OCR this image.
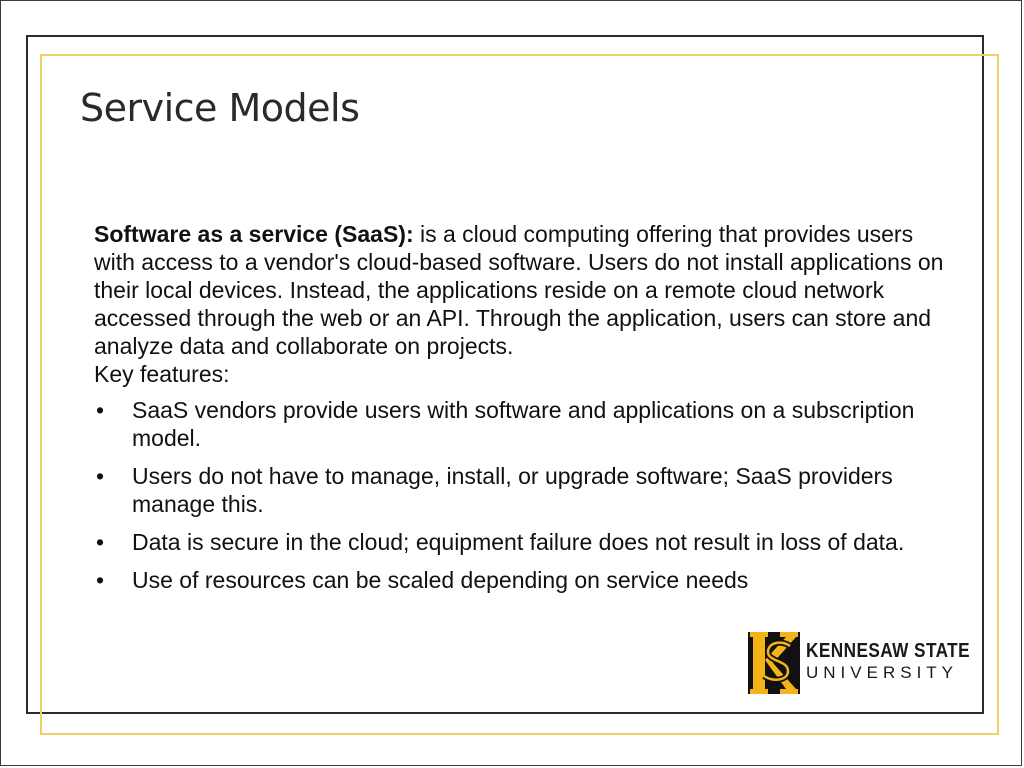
Service Models

Software as a service (SaaS): is a cloud computing offering that provides users with access to a vendor's cloud-based software. Users do not install applications on their local devices. Instead, the applications reside on a remote cloud network accessed through the web or an API. Through the application, users can store and analyze data and collaborate on projects.

Key features:

• SaaS vendors provide users with software and applications on a subscription model.
• Users do not have to manage, install, or upgrade software; SaaS providers manage this.
• Data is secure in the cloud; equipment failure does not result in loss of data.
• Use of resources can be scaled depending on service needs
KENNESAW STATE
UNIVERSITY
